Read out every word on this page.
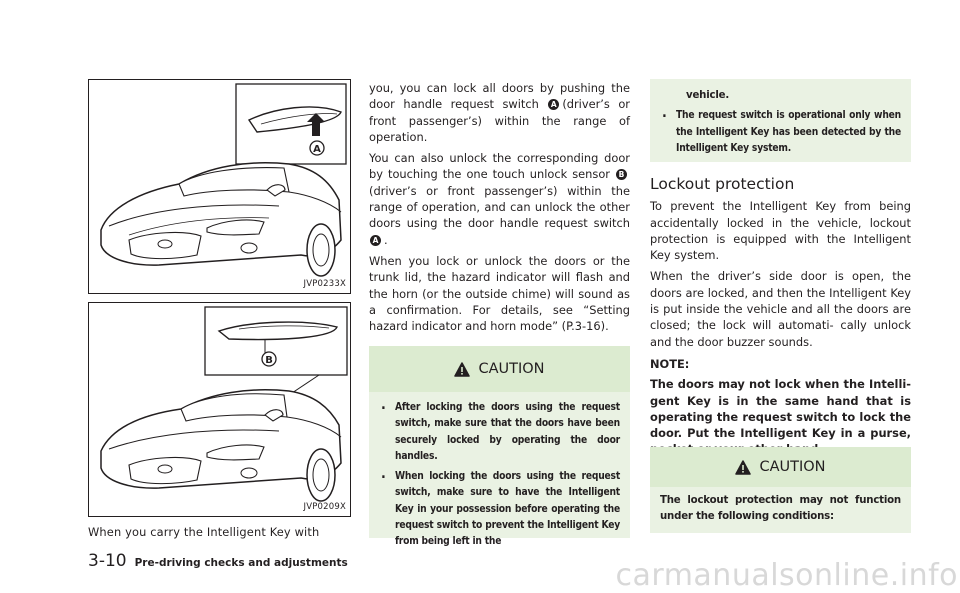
A
JVP0233X
B
JVP0209X

When you carry the Intelligent Key with

you, you can lock all doors by pushing the door handle request switch A (driver’s or front passenger’s) within the range of operation.

You can also unlock the corresponding door by touching the one touch unlock sensor B(driver’s or front passenger’s) within the range of operation, and can unlock the other doors using the door handle request switch A .

When you lock or unlock the doors or the trunk lid, the hazard indicator will flash and the horn (or the outside chime) will sound as a confirmation. For details, see “Setting hazard indicator and horn mode” (P.3-16).

CAUTION
. After locking the doors using the request switch, make sure that the doors have been securely locked by operating the door handles.
. When locking the doors using the request switch, make sure to have the Intelligent Key in your possession before operating the request switch to prevent the Intelligent Key from being left in the
vehicle.
. The request switch is operational only when the Intelligent Key has been detected by the Intelligent Key system.
Lockout protection

To prevent the Intelligent Key from being accidentally locked in the vehicle, lockout protection is equipped with the Intelligent Key system.

When the driver’s side door is open, the doors are locked, and then the Intelligent Key is put inside the vehicle and all the doors are closed; the lock will automati- cally unlock and the door buzzer sounds.

NOTE:
The doors may not lock when the Intelli- gent Key is in the same hand that is operating the request switch to lock the door. Put the Intelligent Key in a purse,
CAUTION
The lockout protection may not function under the following conditions:
3-10 Pre-driving checks and adjustments	carmanualsonline.info
